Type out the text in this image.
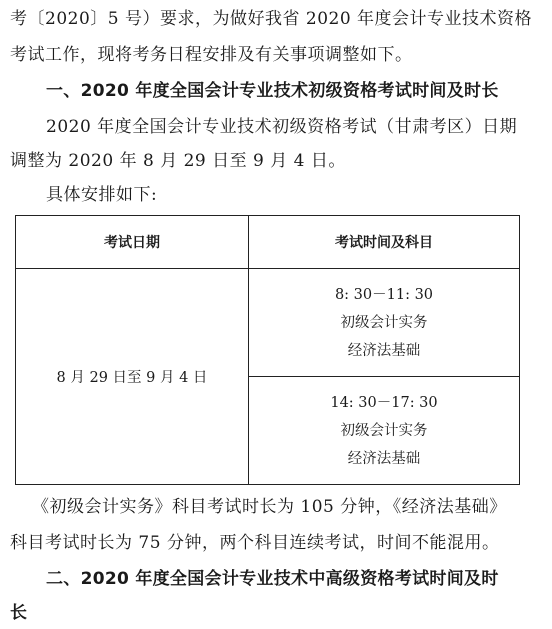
考〔2020〕5 号）要求，为做好我省 2020 年度会计专业技术资格
考试工作，现将考务日程安排及有关事项调整如下。
一、2020 年度全国会计专业技术初级资格考试时间及时长
2020 年度全国会计专业技术初级资格考试（甘肃考区）日期
调整为 2020 年 8 月 29 日至 9 月 4 日。
具体安排如下:
考试日期	考试时间及科目
8 月 29 日至 9 月 4 日	8: 30－11: 30
初级会计实务
经济法基础

	14: 30－17: 30
初级会计实务
经济法基础
《初级会计实务》科目考试时长为 105 分钟，《经济法基础》
科目考试时长为 75 分钟，两个科目连续考试，时间不能混用。
二、2020 年度全国会计专业技术中高级资格考试时间及时
长
